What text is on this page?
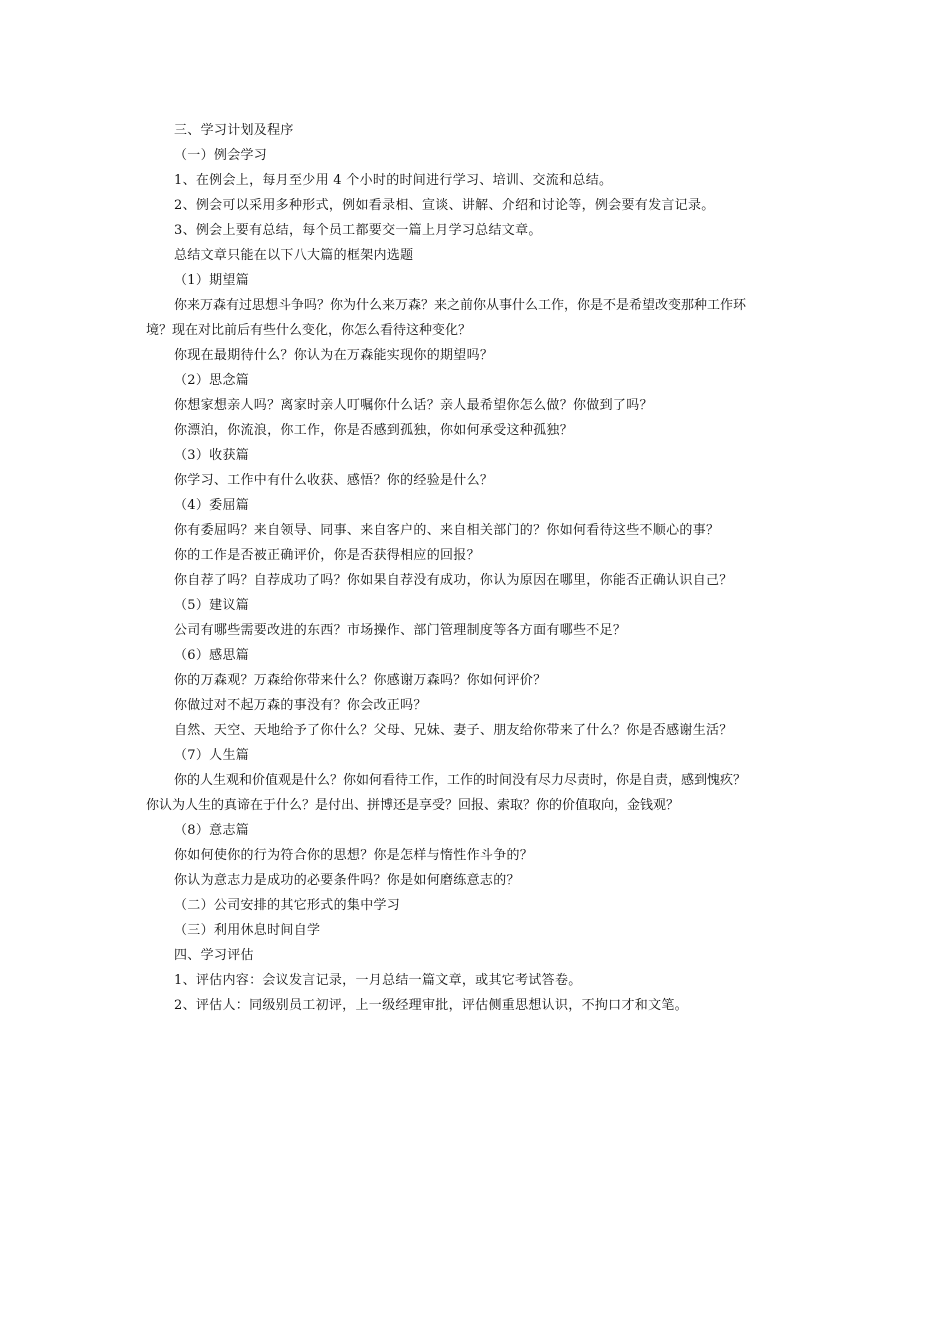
三、学习计划及程序

（一）例会学习

1、在例会上，每月至少用 4 个小时的时间进行学习、培训、交流和总结。

2、例会可以采用多种形式，例如看录相、宣谈、讲解、介绍和讨论等，例会要有发言记录。

3、例会上要有总结，每个员工都要交一篇上月学习总结文章。

总结文章只能在以下八大篇的框架内选题

（1）期望篇

你来万森有过思想斗争吗？你为什么来万森？来之前你从事什么工作，你是不是希望改变那种工作环
境？现在对比前后有些什么变化，你怎么看待这种变化？

你现在最期待什么？你认为在万森能实现你的期望吗？

（2）思念篇

你想家想亲人吗？离家时亲人叮嘱你什么话？亲人最希望你怎么做？你做到了吗？

你漂泊，你流浪，你工作，你是否感到孤独，你如何承受这种孤独？

（3）收获篇

你学习、工作中有什么收获、感悟？你的经验是什么？

（4）委屈篇

你有委屈吗？来自领导、同事、来自客户的、来自相关部门的？你如何看待这些不顺心的事？

你的工作是否被正确评价，你是否获得相应的回报？

你自荐了吗？自荐成功了吗？你如果自荐没有成功，你认为原因在哪里，你能否正确认识自己？

（5）建议篇

公司有哪些需要改进的东西？市场操作、部门管理制度等各方面有哪些不足？

（6）感思篇

你的万森观？万森给你带来什么？你感谢万森吗？你如何评价？

你做过对不起万森的事没有？你会改正吗？

自然、天空、天地给予了你什么？父母、兄妹、妻子、朋友给你带来了什么？你是否感谢生活？

（7）人生篇

你的人生观和价值观是什么？你如何看待工作，工作的时间没有尽力尽责时，你是自责，感到愧疚？
你认为人生的真谛在于什么？是付出、拼博还是享受？回报、索取？你的价值取向，金钱观？

（8）意志篇

你如何使你的行为符合你的思想？你是怎样与惰性作斗争的？

你认为意志力是成功的必要条件吗？你是如何磨练意志的？

（二）公司安排的其它形式的集中学习

（三）利用休息时间自学

四、学习评估

1、评估内容：会议发言记录，一月总结一篇文章，或其它考试答卷。

2、评估人：同级别员工初评，上一级经理审批，评估侧重思想认识，不拘口才和文笔。
